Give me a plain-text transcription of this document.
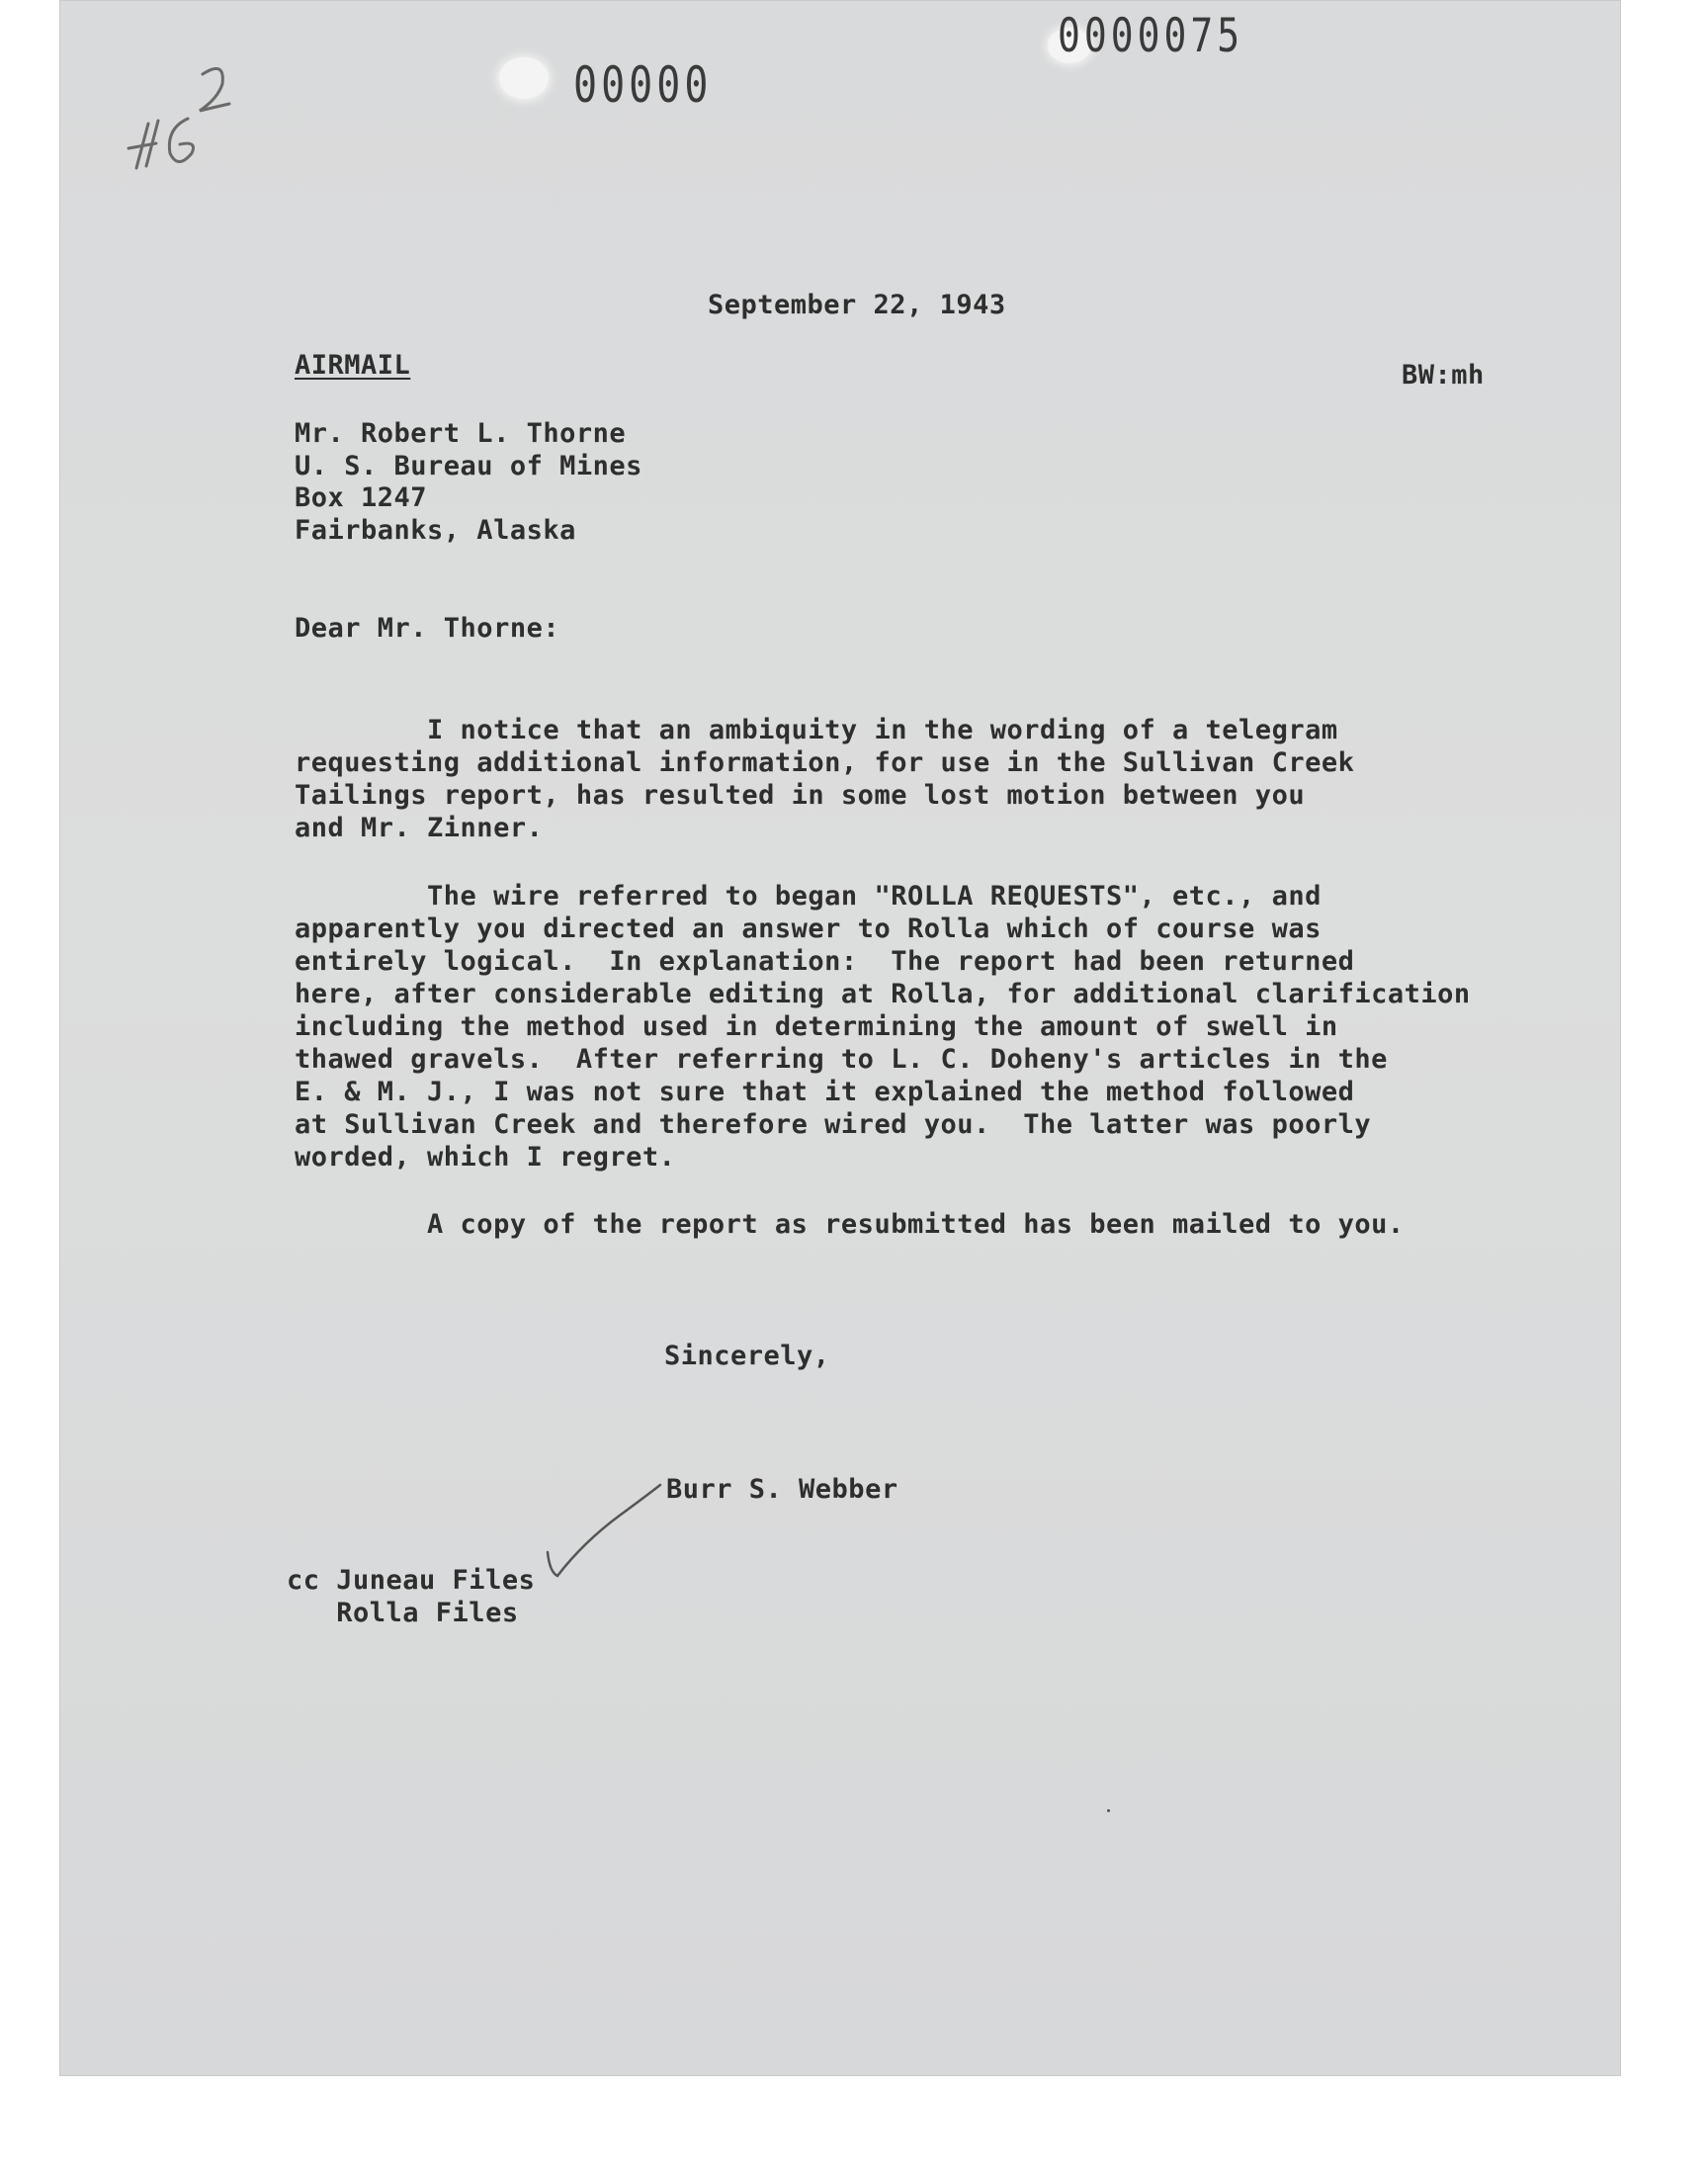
462
00000
0000075
September 22, 1943
AIRMAIL	BW:mh
Mr. Robert L. Thorne
U. S. Bureau of Mines
Box 1247
Fairbanks, Alaska
Dear Mr. Thorne:
I notice that an ambiquity in the wording of a telegram
requesting additional information, for use in the Sullivan Creek
Tailings report, has resulted in some lost motion between you
and Mr. Zinner.
The wire referred to began "ROLLA REQUESTS", etc., and
apparently you directed an answer to Rolla which of course was
entirely logical.  In explanation:  The report had been returned
here, after considerable editing at Rolla, for additional clarification
including the method used in determining the amount of swell in
thawed gravels.  After referring to L. C. Doheny's articles in the
E. & M. J., I was not sure that it explained the method followed
at Sullivan Creek and therefore wired you.  The latter was poorly
worded, which I regret.
A copy of the report as resubmitted has been mailed to you.
Sincerely,
Burr S. Webber
cc Juneau Files
Rolla Files
